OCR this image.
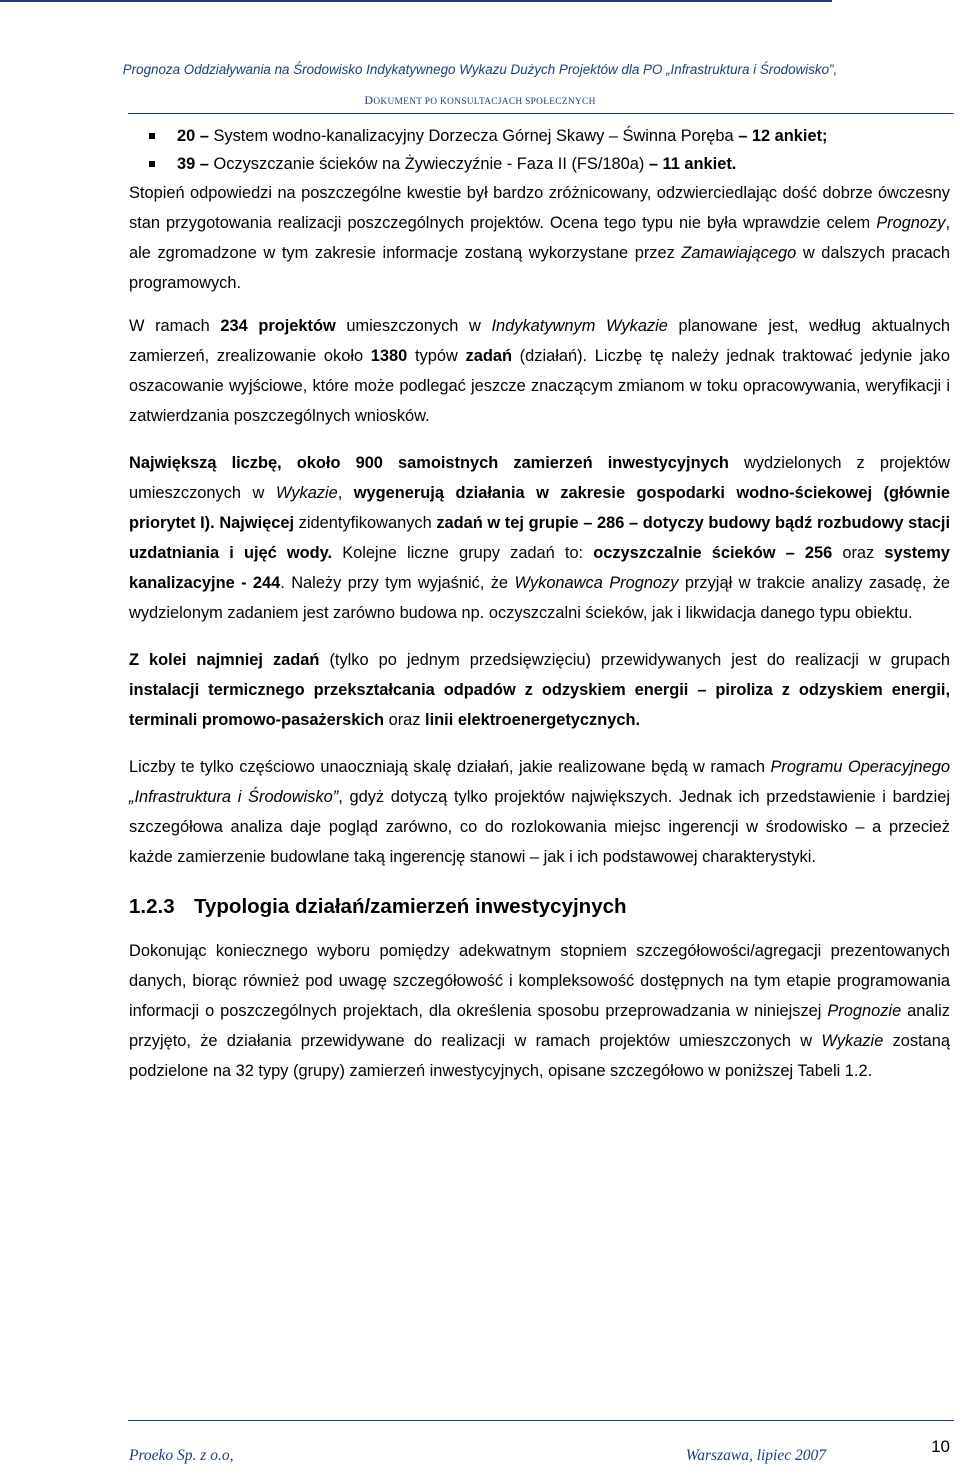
Prognoza Oddziaływania na Środowisko Indykatywnego Wykazu Dużych Projektów dla PO „Infrastruktura i Środowisko”,
DOKUMENT PO KONSULTACJACH SPOŁECZNYCH
20 – System wodno-kanalizacyjny Dorzecza Górnej Skawy – Świnna Poręba – 12 ankiet;
39 – Oczyszczanie ścieków na Żywieczyźnie - Faza II (FS/180a) – 11 ankiet.

Stopień odpowiedzi na poszczególne kwestie był bardzo zróżnicowany, odzwierciedlając dość dobrze ówczesny stan przygotowania realizacji poszczególnych projektów. Ocena tego typu nie była wprawdzie celem Prognozy, ale zgromadzone w tym zakresie informacje zostaną wykorzystane przez Zamawiającego w dalszych pracach programowych.

W ramach 234 projektów umieszczonych w Indykatywnym Wykazie planowane jest, według aktualnych zamierzeń, zrealizowanie około 1380 typów zadań (działań). Liczbę tę należy jednak traktować jedynie jako oszacowanie wyjściowe, które może podlegać jeszcze znaczącym zmianom w toku opracowywania, weryfikacji i zatwierdzania poszczególnych wniosków.

Największą liczbę, około 900 samoistnych zamierzeń inwestycyjnych wydzielonych z projektów umieszczonych w Wykazie, wygenerują działania w zakresie gospodarki wodno-ściekowej (głównie priorytet I). Najwięcej zidentyfikowanych zadań w tej grupie – 286 – dotyczy budowy bądź rozbudowy stacji uzdatniania i ujęć wody. Kolejne liczne grupy zadań to: oczyszczalnie ścieków – 256 oraz systemy kanalizacyjne - 244. Należy przy tym wyjaśnić, że Wykonawca Prognozy przyjął w trakcie analizy zasadę, że wydzielonym zadaniem jest zarówno budowa np. oczyszczalni ścieków, jak i likwidacja danego typu obiektu.

Z kolei najmniej zadań (tylko po jednym przedsięwzięciu) przewidywanych jest do realizacji w grupach instalacji termicznego przekształcania odpadów z odzyskiem energii – piroliza z odzyskiem energii, terminali promowo-pasażerskich oraz linii elektroenergetycznych.

Liczby te tylko częściowo unaoczniają skalę działań, jakie realizowane będą w ramach Programu Operacyjnego „Infrastruktura i Środowisko”, gdyż dotyczą tylko projektów największych. Jednak ich przedstawienie i bardziej szczegółowa analiza daje pogląd zarówno, co do rozlokowania miejsc ingerencji w środowisko – a przecież każde zamierzenie budowlane taką ingerencję stanowi – jak i ich podstawowej charakterystyki.

1.2.3 Typologia działań/zamierzeń inwestycyjnych

Dokonując koniecznego wyboru pomiędzy adekwatnym stopniem szczegółowości/agregacji prezentowanych danych, biorąc również pod uwagę szczegółowość i kompleksowość dostępnych na tym etapie programowania informacji o poszczególnych projektach, dla określenia sposobu przeprowadzania w niniejszej Prognozie analiz przyjęto, że działania przewidywane do realizacji w ramach projektów umieszczonych w Wykazie zostaną podzielone na 32 typy (grupy) zamierzeń inwestycyjnych, opisane szczegółowo w poniższej Tabeli 1.2.

Proeko Sp. z o.o,	Warszawa, lipiec 2007	10
